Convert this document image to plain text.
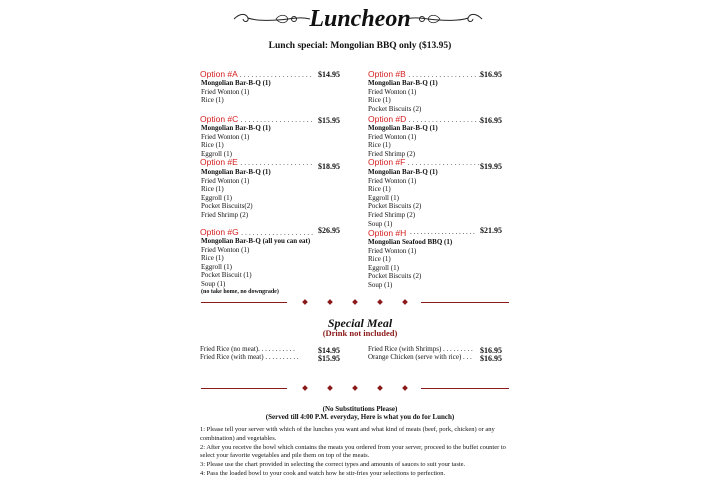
Luncheon
Lunch special: Mongolian BBQ only ($13.95)
Option #A . . . . . . . . . . . . . . . . . . . $14.95
Mongolian Bar-B-Q (1)
Fried Wonton (1)
Rice (1)
Option #B . . . . . . . . . . . . . . . . . . . $16.95
Mongolian Bar-B-Q (1)
Fried Wonton (1)
Rice (1)
Pocket Biscuits (2)
Option #C . . . . . . . . . . . . . . . . . . . $15.95
Mongolian Bar-B-Q (1)
Fried Wonton (1)
Rice (1)
Eggroll (1)
Option #D . . . . . . . . . . . . . . . . . . . $16.95
Mongolian Bar-B-Q (1)
Fried Wonton (1)
Rice (1)
Fried Shrimp (2)
Option #E . . . . . . . . . . . . . . . . . . . $18.95
Mongolian Bar-B-Q (1)
Fried Wonton (1)
Rice (1)
Eggroll (1)
Pocket Biscuits(2)
Fried Shrimp (2)
Option #F . . . . . . . . . . . . . . . . . . . $19.95
Mongolian Bar-B-Q (1)
Fried Wonton (1)
Rice (1)
Eggroll (1)
Pocket Biscuits (2)
Fried Shrimp (2)
Soup (1)
Option #G . . . . . . . . . . . . . . . . . . . $26.95
Mongolian Bar-B-Q (all you can eat)
Fried Wonton (1)
Rice (1)
Eggroll (1)
Pocket Biscuit (1)
Soup (1)
(no take home, no downgrade)
Option #H . . . . . . . . . . . . . . . . . . . $21.95
Mongolian Seafood BBQ (1)
Fried Wonton (1)
Rice (1)
Eggroll (1)
Pocket Biscuits (2)
Soup (1)
Special Meal
(Drink not included)
Fried Rice (no meat). . . . . . . . . . .	$14.95
Fried Rice (with meat) . . . . . . . . . . $15.95
Fried Rice (with Shrimps) . . . . . . . . . $16.95
Orange Chicken (serve with rice) . . . $16.95
(No Substitutions Please)
(Served till 4:00 P.M. everyday, Here is what you do for Lunch)
1: Please tell your server with which of the lunches you want and what kind of meats (beef, pork, chicken) or any combination) and vegetables.
2: After you receive the bowl which contains the meats you ordered from your server, proceed to the buffet counter to select your favorite vegetables and pile them on top of the meats.
3: Please use the chart provided in selecting the correct types and amounts of sauces to suit your taste.
4: Pass the loaded bowl to your cook and watch how he stir-fries your selections to perfection.
